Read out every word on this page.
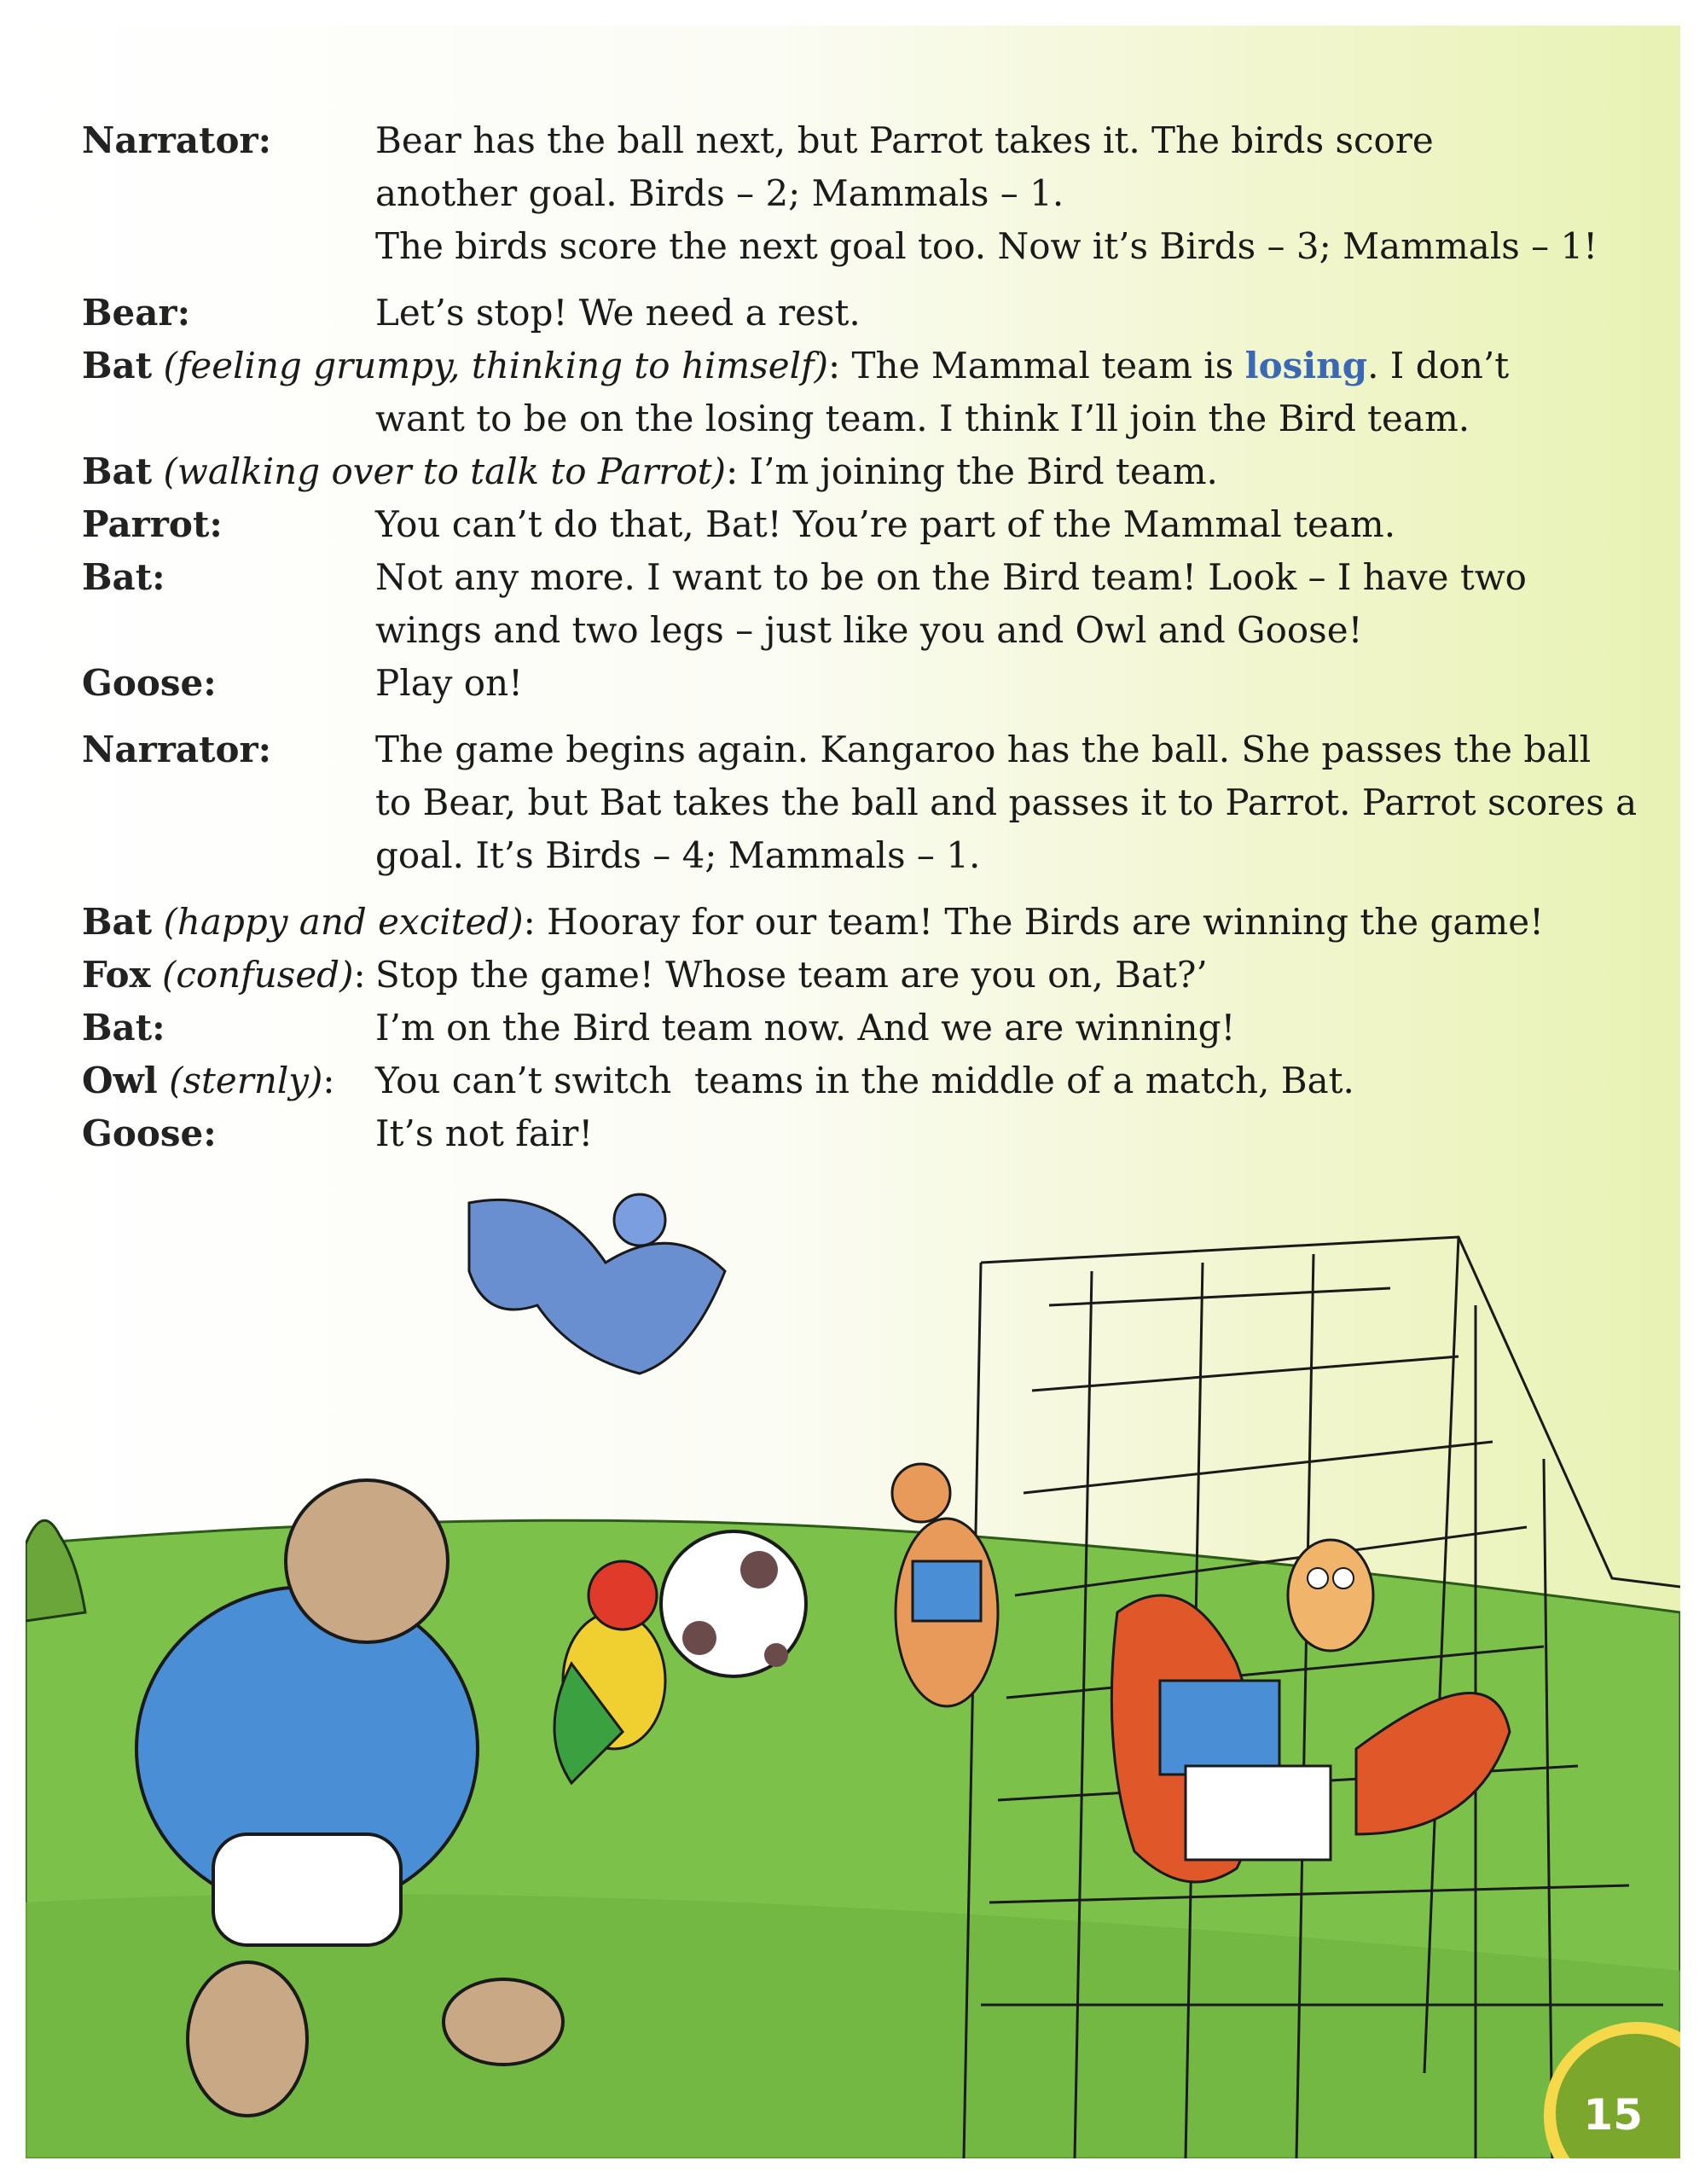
Narrator:	Bear has the ball next, but Parrot takes it. The birds score
another goal. Birds – 2; Mammals – 1.
The birds score the next goal too. Now it’s Birds – 3; Mammals – 1!
Bear:	Let’s stop! We need a rest.
Bat (feeling grumpy, thinking to himself): The Mammal team is losing. I don’t
want to be on the losing team. I think I’ll join the Bird team.
Bat (walking over to talk to Parrot): I’m joining the Bird team.
Parrot:	You can’t do that, Bat! You’re part of the Mammal team.
Bat:	Not any more. I want to be on the Bird team! Look – I have two
wings and two legs – just like you and Owl and Goose!
Goose:	Play on!
Narrator:	The game begins again. Kangaroo has the ball. She passes the ball
to Bear, but Bat takes the ball and passes it to Parrot. Parrot scores a
goal. It’s Birds – 4; Mammals – 1.
Bat (happy and excited): Hooray for our team! The Birds are winning the game!
Fox (confused): Stop the game! Whose team are you on, Bat?’
Bat:	I’m on the Bird team now. And we are winning!
Owl (sternly):	You can’t switch  teams in the middle of a match, Bat.
Goose:	It’s not fair!
15
